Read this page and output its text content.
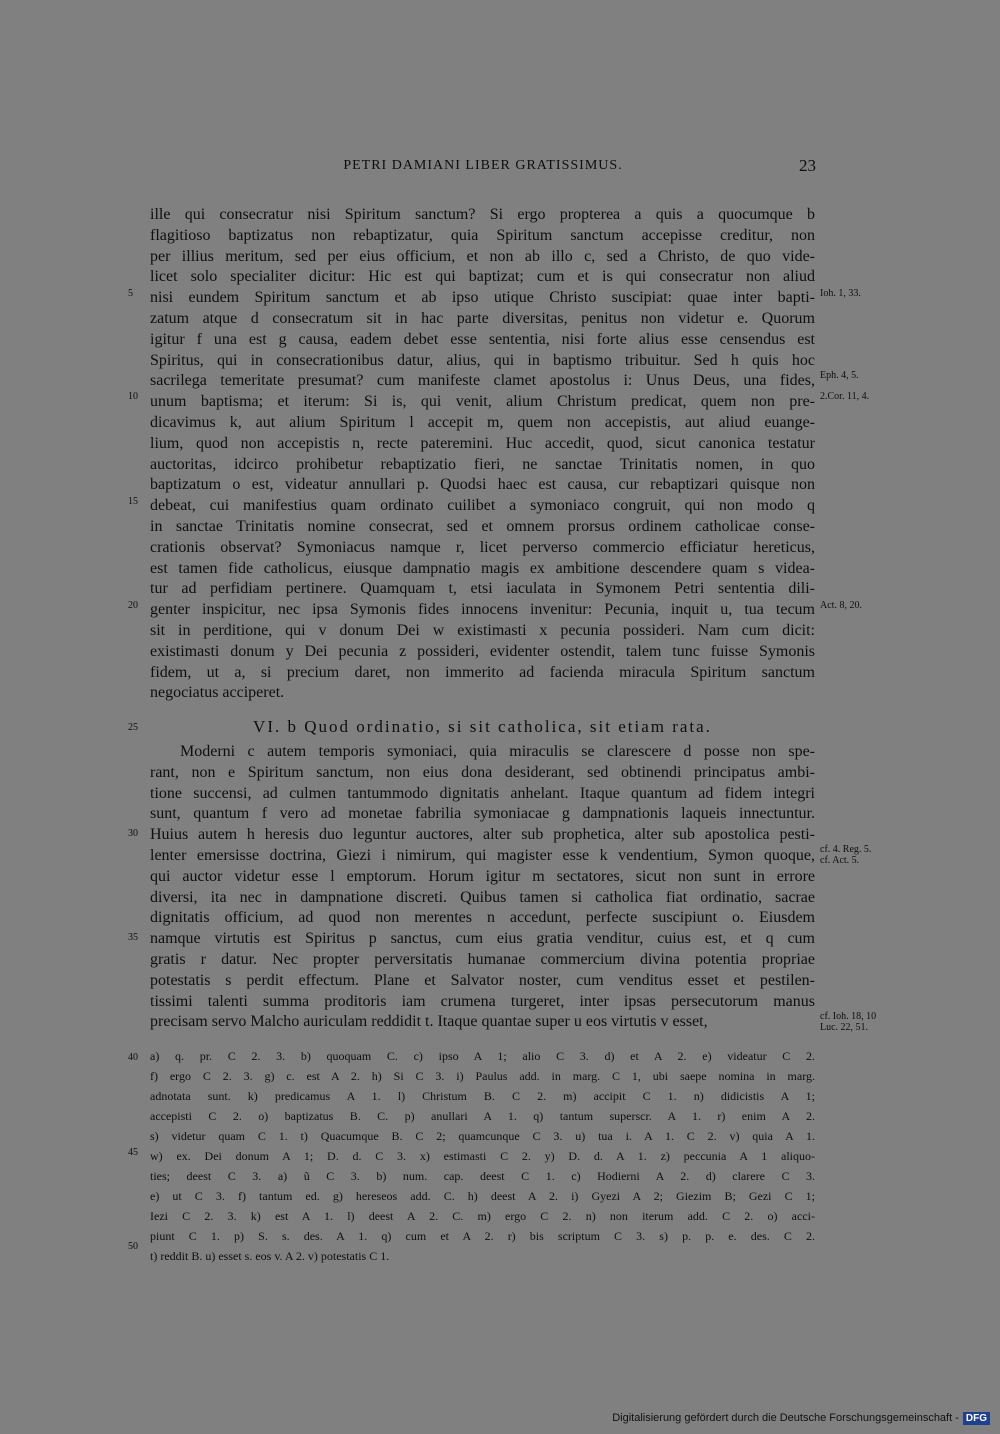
PETRI DAMIANI LIBER GRATISSIMUS.	23
ille qui consecratur nisi Spiritum sanctum? Si ergo propterea a quis a quocumque b
flagitioso baptizatus non rebaptizatur, quia Spiritum sanctum accepisse creditur, non
per illius meritum, sed per eius officium, et non ab illo c, sed a Christo, de quo vide-
licet solo specialiter dicitur: Hic est qui baptizat; cum et is qui consecratur non aliud
nisi eundem Spiritum sanctum et ab ipso utique Christo suscipiat: quae inter bapti-
zatum atque d consecratum sit in hac parte diversitas, penitus non videtur e. Quorum
igitur f una est g causa, eadem debet esse sententia, nisi forte alius esse censendus est
Spiritus, qui in consecrationibus datur, alius, qui in baptismo tribuitur. Sed h quis hoc
sacrilega temeritate presumat? cum manifeste clamet apostolus i: Unus Deus, una fides,
unum baptisma; et iterum: Si is, qui venit, alium Christum predicat, quem non pre-
dicavimus k, aut alium Spiritum l accepit m, quem non accepistis, aut aliud euange-
lium, quod non accepistis n, recte pateremini. Huc accedit, quod, sicut canonica testatur
auctoritas, idcirco prohibetur rebaptizatio fieri, ne sanctae Trinitatis nomen, in quo
baptizatum o est, videatur annullari p. Quodsi haec est causa, cur rebaptizari quisque non
debeat, cui manifestius quam ordinato cuilibet a symoniaco congruit, qui non modo q
in sanctae Trinitatis nomine consecrat, sed et omnem prorsus ordinem catholicae conse-
crationis observat? Symoniacus namque r, licet perverso commercio efficiatur hereticus,
est tamen fide catholicus, eiusque dampnatio magis ex ambitione descendere quam s videa-
tur ad perfidiam pertinere. Quamquam t, etsi iaculata in Symonem Petri sententia dili-
genter inspicitur, nec ipsa Symonis fides innocens invenitur: Pecunia, inquit u, tua tecum
sit in perditione, qui v donum Dei w existimasti x pecunia possideri. Nam cum dicit:
existimasti donum y Dei pecunia z possideri, evidenter ostendit, talem tunc fuisse Symonis
fidem, ut a, si precium daret, non immerito ad facienda miracula Spiritum sanctum
negociatus acciperet.
VI. b Quod ordinatio, si sit catholica, sit etiam rata.
Moderni c autem temporis symoniaci, quia miraculis se clarescere d posse non spe-
rant, non e Spiritum sanctum, non eius dona desiderant, sed obtinendi principatus ambi-
tione succensi, ad culmen tantummodo dignitatis anhelant. Itaque quantum ad fidem integri
sunt, quantum f vero ad monetae fabrilia symoniacae g dampnationis laqueis innectuntur.
Huius autem h heresis duo leguntur auctores, alter sub prophetica, alter sub apostolica pesti-
lenter emersisse doctrina, Giezi i nimirum, qui magister esse k vendentium, Symon quoque,
qui auctor videtur esse l emptorum. Horum igitur m sectatores, sicut non sunt in errore
diversi, ita nec in dampnatione discreti. Quibus tamen si catholica fiat ordinatio, sacrae
dignitatis officium, ad quod non merentes n accedunt, perfecte suscipiunt o. Eiusdem
namque virtutis est Spiritus p sanctus, cum eius gratia venditur, cuius est, et q cum
gratis r datur. Nec propter perversitatis humanae commercium divina potentia propriae
potestatis s perdit effectum. Plane et Salvator noster, cum venditus esset et pestilen-
tissimi talenti summa proditoris iam crumena turgeret, inter ipsas persecutorum manus
precisam servo Malcho auriculam reddidit t. Itaque quantae super u eos virtutis v esset,
5
10
15
20
25
30
35
40
45
50
Ioh. 1, 33.
Eph. 4, 5.
2.Cor. 11, 4.
Act. 8, 20.
cf. 4. Reg. 5.
cf. Act. 5.
cf. Ioh. 18, 10
Luc. 22, 51.
a) q. pr. C 2. 3. b) quoquam C. c) ipso A 1; alio C 3. d) et A 2. e) videatur C 2.
f) ergo C 2. 3. g) c. est A 2. h) Si C 3. i) Paulus add. in marg. C 1, ubi saepe nomina in marg.
adnotata sunt. k) predicamus A 1. l) Christum B. C 2. m) accipit C 1. n) didicistis A 1;
accepisti C 2. o) baptizatus B. C. p) anullari A 1. q) tantum superscr. A 1. r) enim A 2.
s) videtur quam C 1. t) Quacumque B. C 2; quamcunque C 3. u) tua i. A 1. C 2. v) quia A 1.
w) ex. Dei donum A 1; D. d. C 3. x) estimasti C 2. y) D. d. A 1. z) peccunia A 1 aliquo-
ties; deest C 3. a) ũ C 3. b) num. cap. deest C 1. c) Hodierni A 2. d) clarere C 3.
e) ut C 3. f) tantum ed. g) hereseos add. C. h) deest A 2. i) Gyezi A 2; Giezim B; Gezi C 1;
Iezi C 2. 3. k) est A 1. l) deest A 2. C. m) ergo C 2. n) non iterum add. C 2. o) acci-
piunt C 1. p) S. s. des. A 1. q) cum et A 2. r) bis scriptum C 3. s) p. p. e. des. C 2.
t) reddit B. u) esset s. eos v. A 2. v) potestatis C 1.
Digitalisierung gefördert durch die Deutsche Forschungsgemeinschaft - DFG
